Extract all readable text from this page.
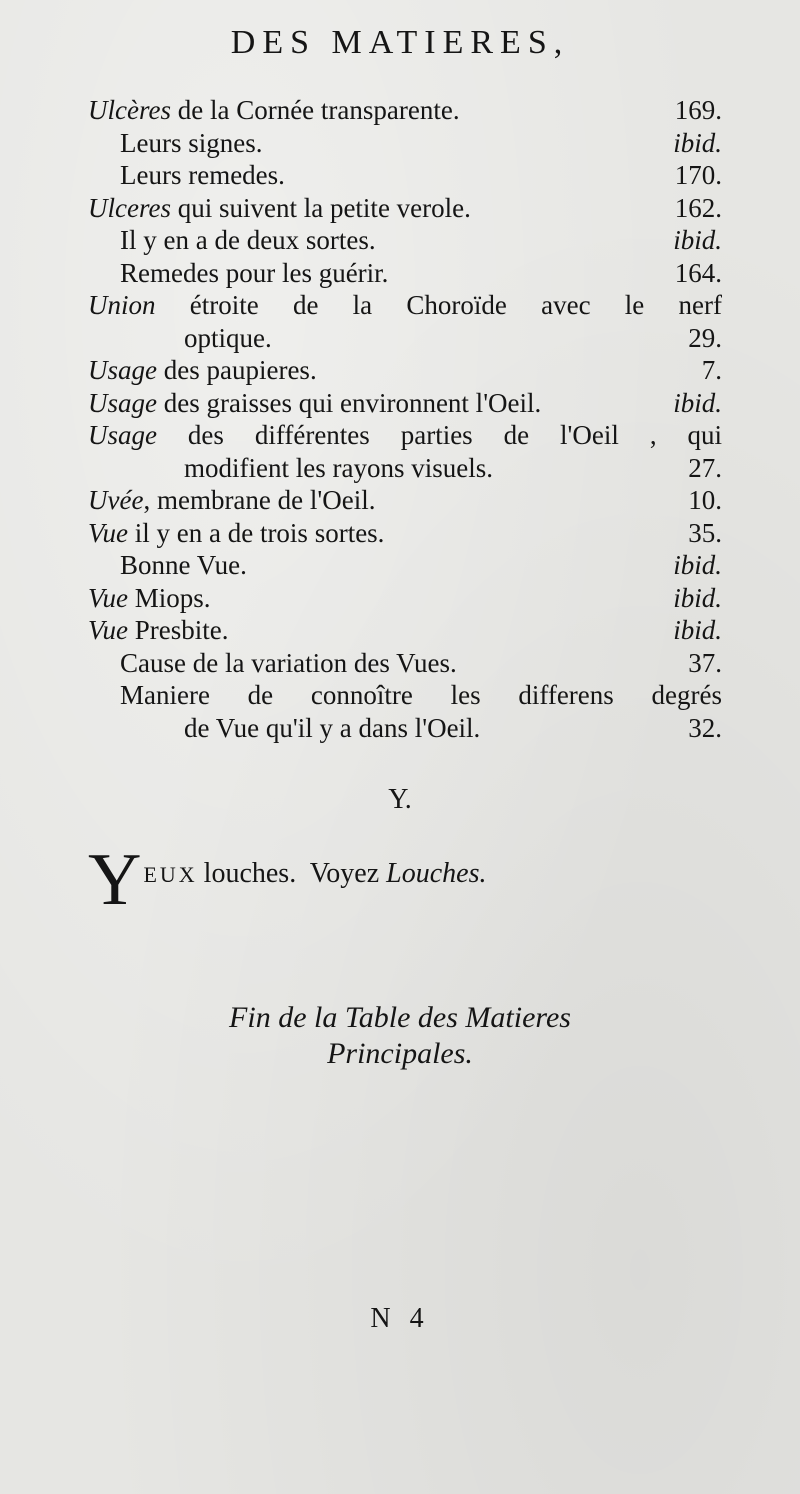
DES MATIERES,
Ulcères de la Cornée transparente.	169.
Leurs signes.	ibid.
Leurs remedes.	170.
Ulceres qui suivent la petite verole.	162.
Il y en a de deux sortes.	ibid.
Remedes pour les guérir.	164.
Union étroite de la Choroïde avec le nerf
optique.	29.
Usage des paupieres.	7.
Usage des graisses qui environnent l'Oeil.	ibid.
Usage des différentes parties de l'Oeil , qui
modifient les rayons visuels.	27.
Uvée, membrane de l'Oeil.	10.
Vue il y en a de trois sortes.	35.
Bonne Vue.	ibid.
Vue Miops.	ibid.
Vue Presbite.	ibid.
Cause de la variation des Vues.	37.
Maniere de connoître les differens degrés
de Vue qu'il y a dans l'Oeil.	32.
Y.
YEUX louches.  Voyez Louches.
Fin de la Table des Matieres
Principales.
N 4
